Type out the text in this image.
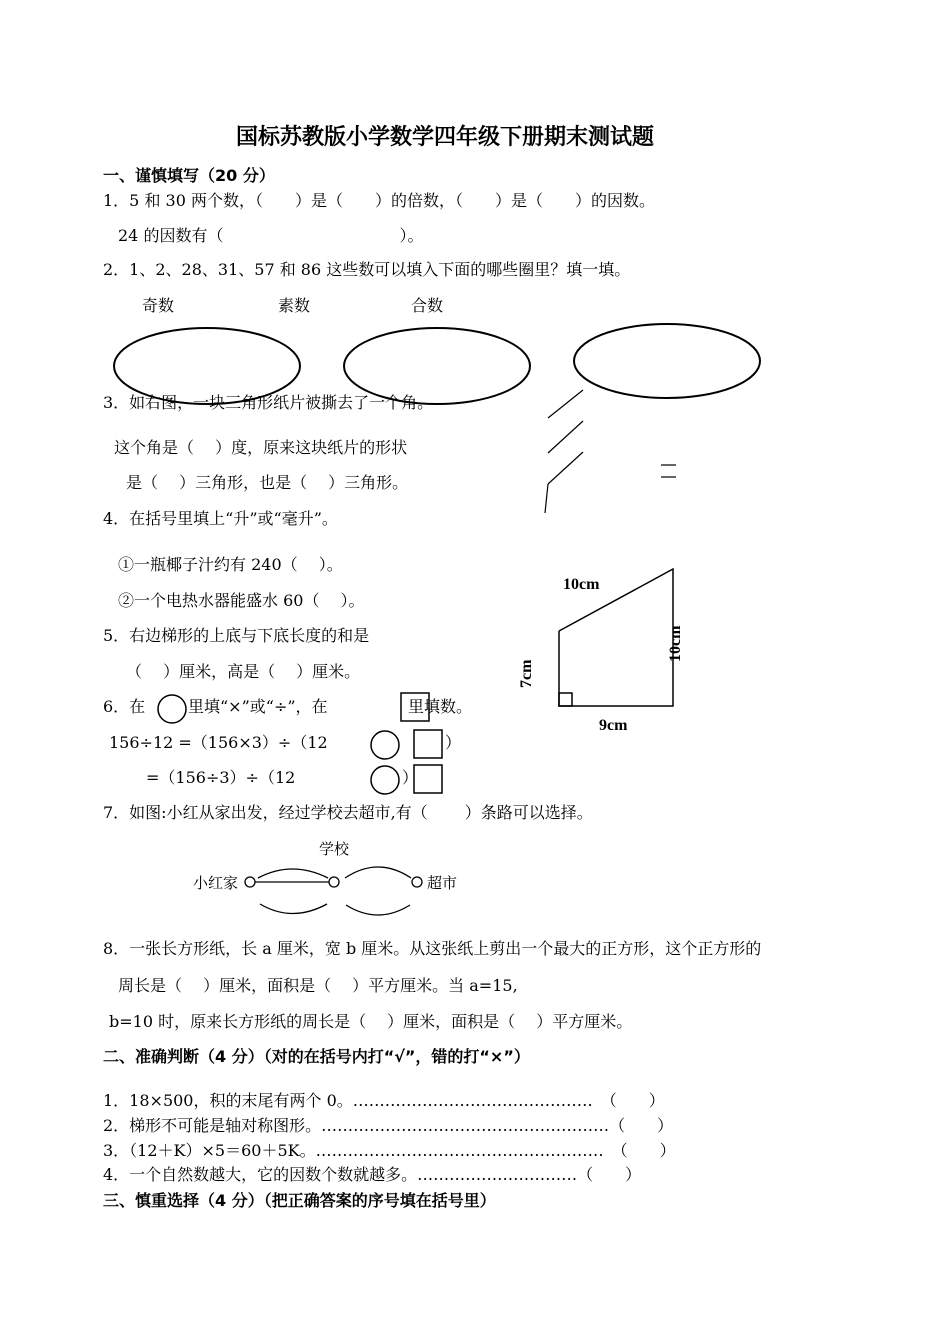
国标苏教版小学数学四年级下册期末测试题
一、谨慎填写（20 分）
1．5 和 30 两个数，（　　）是（　　）的倍数，（　　）是（　　）的因数。
24 的因数有（　　　　　　　　　　　）。
2．1、2、28、31、57 和 86 这些数可以填入下面的哪些圈里？填一填。
奇数	素数	合数
3．如右图，一块三角形纸片被撕去了一个角。
这个角是（　 ）度，原来这块纸片的形状
是（　 ）三角形，也是（　 ）三角形。
4．在括号里填上“升”或“毫升”。
①一瓶椰子汁约有 240（　 ）。
②一个电热水器能盛水 60（　 ）。
5．右边梯形的上底与下底长度的和是
（　 ）厘米，高是（　 ）厘米。
10cm
9cm
10cm
7cm
6．在	里填“×”或“÷”，在	里填数。
156÷12 =（156×3）÷（12	）
=（156÷3）÷（12	）
7．如图:小红从家出发，经过学校去超市,有（　　 ）条路可以选择。
学校
小红家	超市
8．一张长方形纸，长 a 厘米，宽 b 厘米。从这张纸上剪出一个最大的正方形，这个正方形的
周长是（　 ）厘米，面积是（　 ）平方厘米。当 a=15,
b=10 时，原来长方形纸的周长是（　 ）厘米，面积是（　 ）平方厘米。
二、准确判断（4 分）（对的在括号内打“√”，错的打“×”）
1．18×500，积的末尾有两个 0。………………………………………　（　　）
2．梯形不可能是轴对称图形。………………………………………………（　　）
3．（12＋K）×5＝60＋5K。………………………………………………　（　　）
4．一个自然数越大，它的因数个数就越多。…………………………（　　）
三、慎重选择（4 分）（把正确答案的序号填在括号里）
